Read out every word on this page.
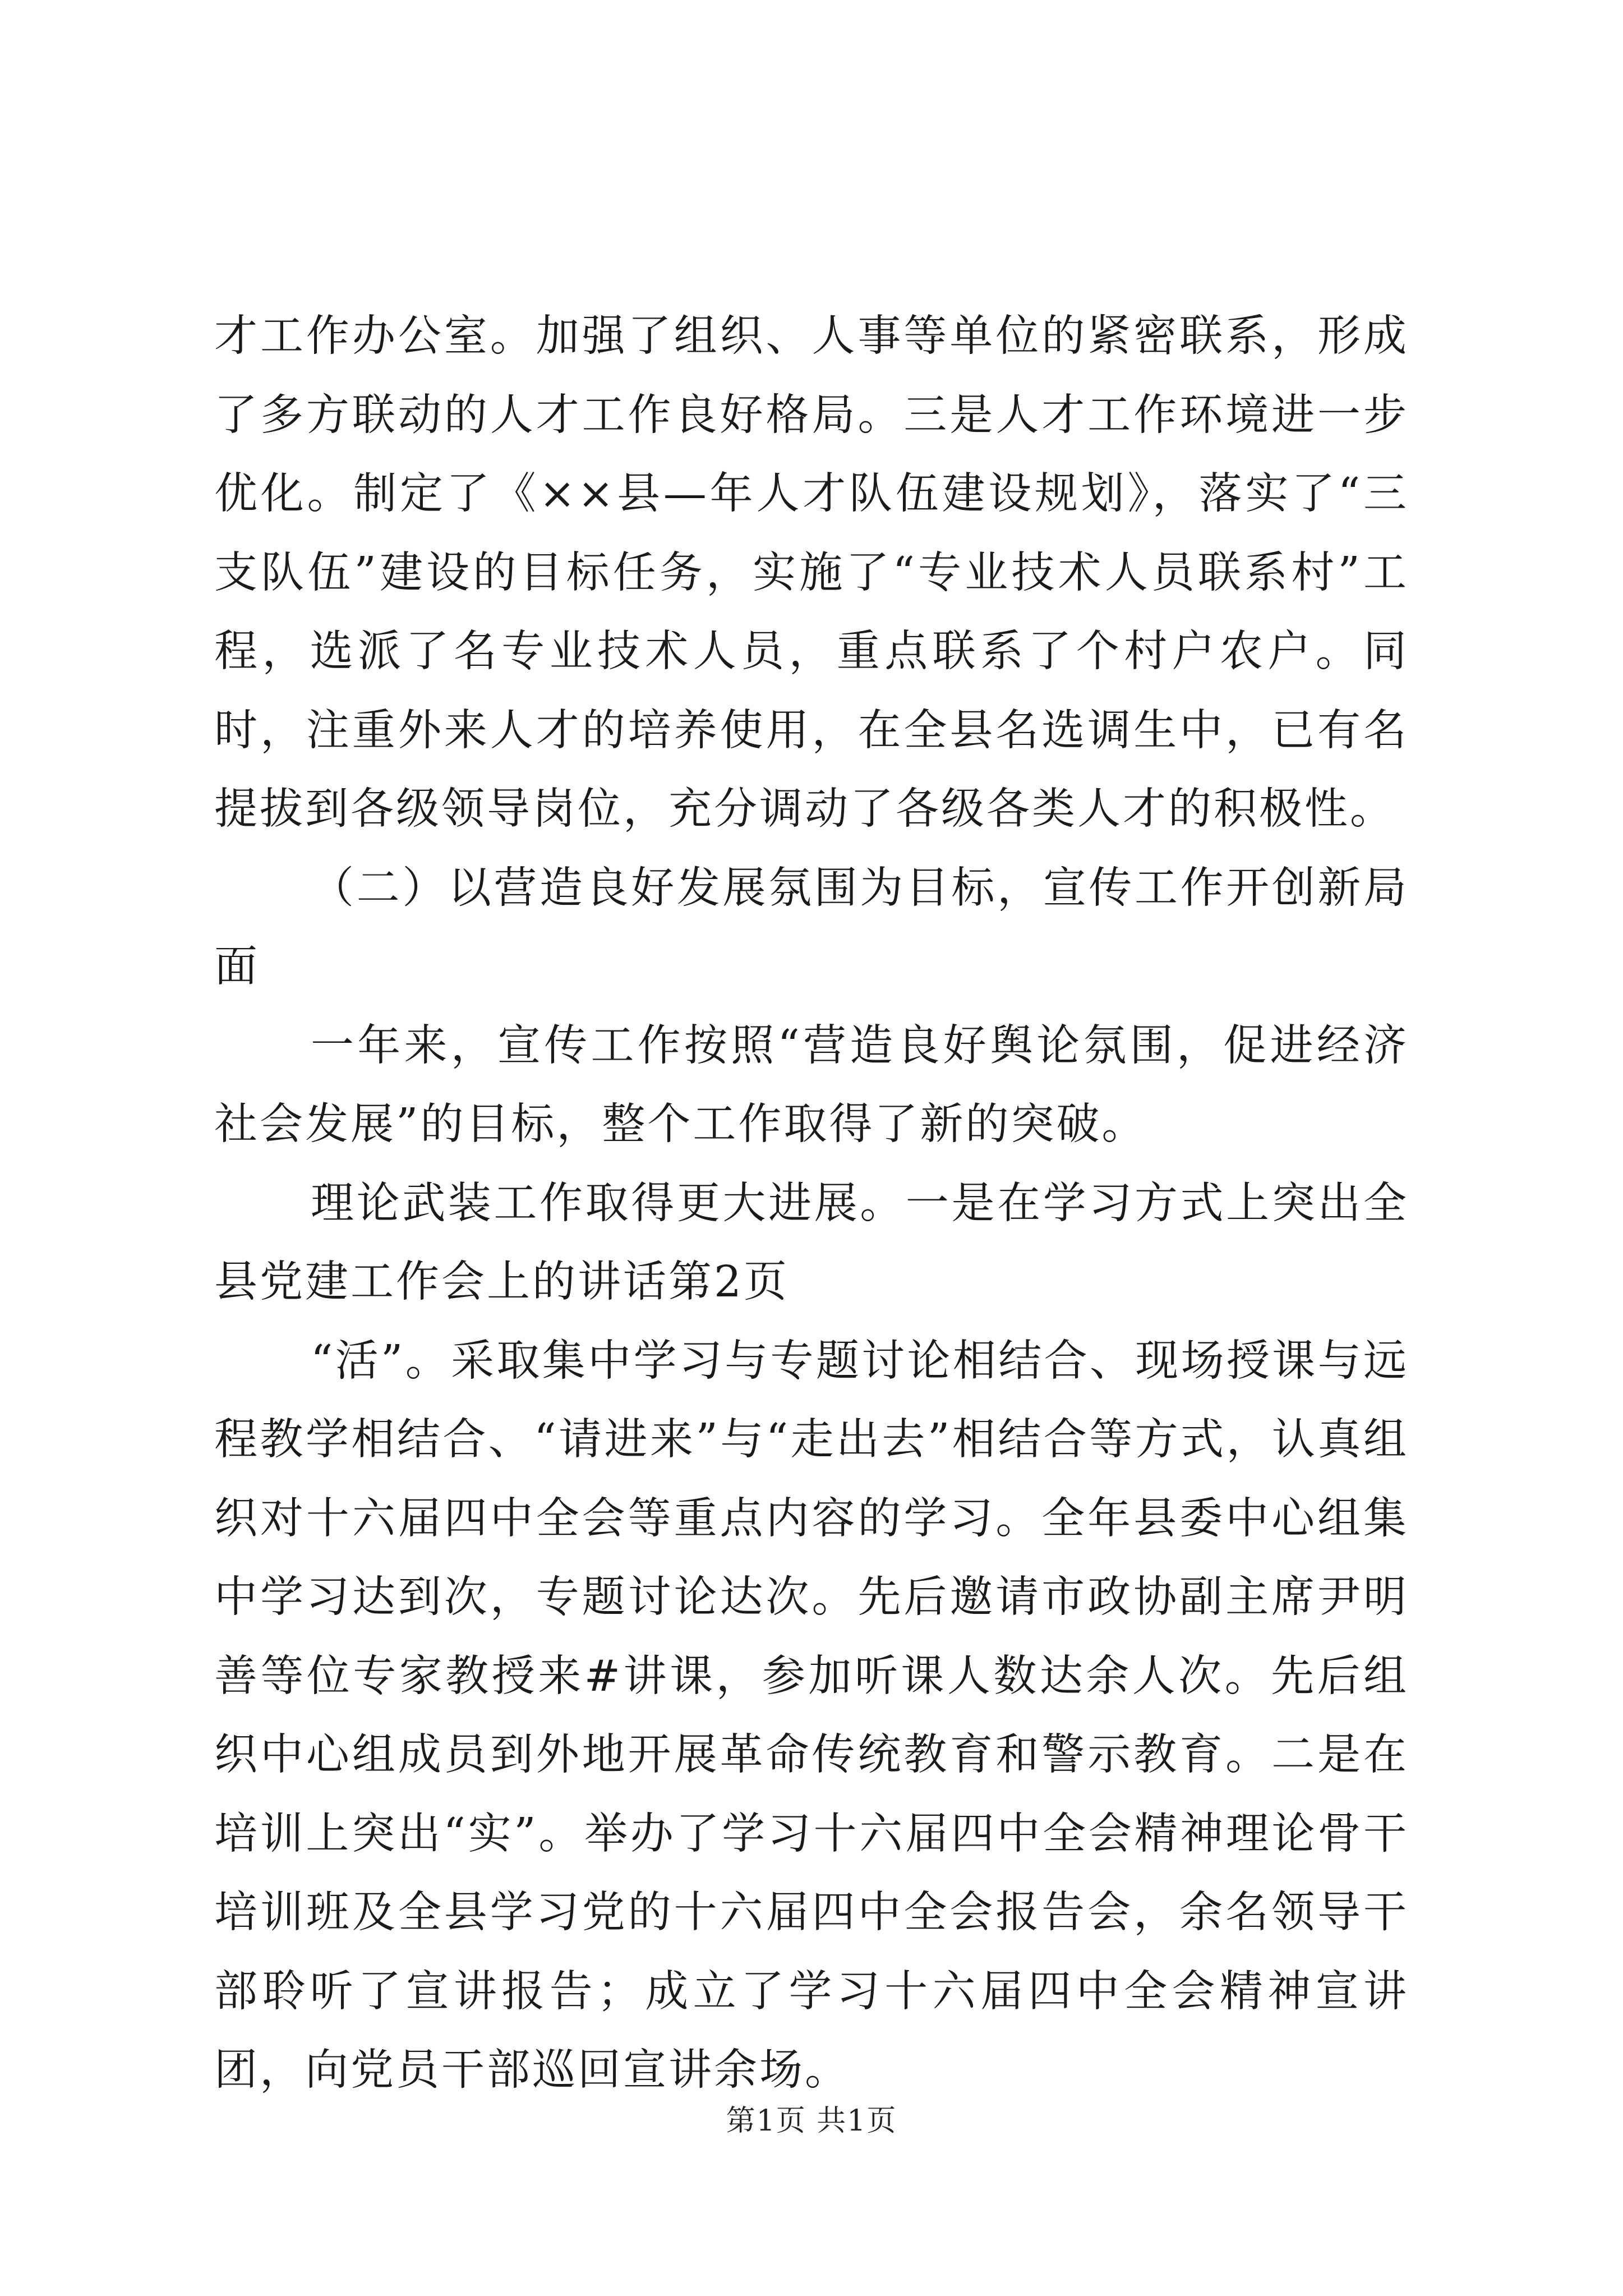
才工作办公室。加强了组织、人事等单位的紧密联系，形成了多方联动的人才工作良好格局。三是人才工作环境进一步优化。制定了《××县—年人才队伍建设规划》，落实了“三支队伍”建设的目标任务，实施了“专业技术人员联系村”工程，选派了名专业技术人员，重点联系了个村户农户。同时，注重外来人才的培养使用，在全县名选调生中，已有名提拔到各级领导岗位，充分调动了各级各类人才的积极性。

（二）以营造良好发展氛围为目标，宣传工作开创新局面

一年来，宣传工作按照“营造良好舆论氛围，促进经济社会发展”的目标，整个工作取得了新的突破。

理论武装工作取得更大进展。一是在学习方式上突出全县党建工作会上的讲话第2页

“活”。采取集中学习与专题讨论相结合、现场授课与远程教学相结合、“请进来”与“走出去”相结合等方式，认真组织对十六届四中全会等重点内容的学习。全年县委中心组集中学习达到次，专题讨论达次。先后邀请市政协副主席尹明善等位专家教授来#讲课，参加听课人数达余人次。先后组织中心组成员到外地开展革命传统教育和警示教育。二是在培训上突出“实”。举办了学习十六届四中全会精神理论骨干培训班及全县学习党的十六届四中全会报告会，余名领导干部聆听了宣讲报告；成立了学习十六届四中全会精神宣讲团，向党员干部巡回宣讲余场。

第1页 共1页
